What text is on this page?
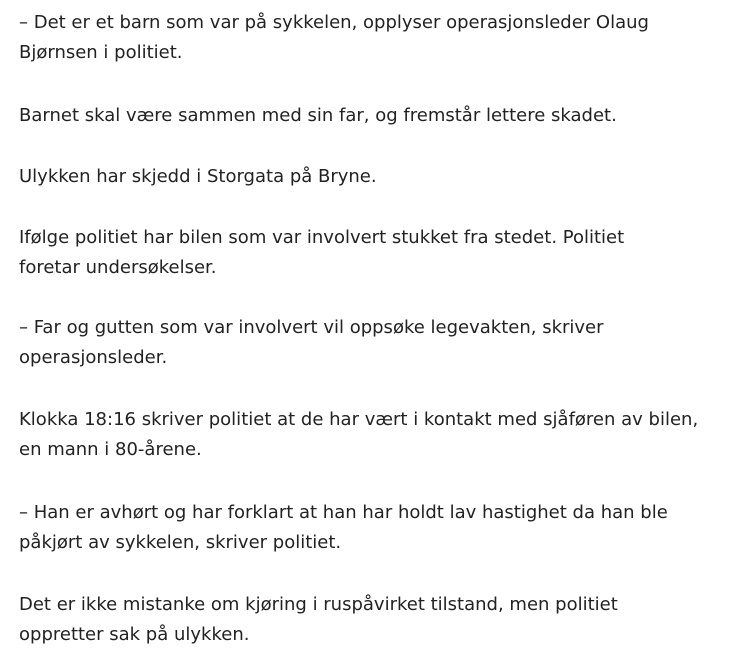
– Det er et barn som var på sykkelen, opplyser operasjonsleder Olaug
Bjørnsen i politiet.

Barnet skal være sammen med sin far, og fremstår lettere skadet.

Ulykken har skjedd i Storgata på Bryne.

Ifølge politiet har bilen som var involvert stukket fra stedet. Politiet
foretar undersøkelser.

– Far og gutten som var involvert vil oppsøke legevakten, skriver
operasjonsleder.

Klokka 18:16 skriver politiet at de har vært i kontakt med sjåføren av bilen,
en mann i 80-årene.

– Han er avhørt og har forklart at han har holdt lav hastighet da han ble
påkjørt av sykkelen, skriver politiet.

Det er ikke mistanke om kjøring i ruspåvirket tilstand, men politiet
oppretter sak på ulykken.
